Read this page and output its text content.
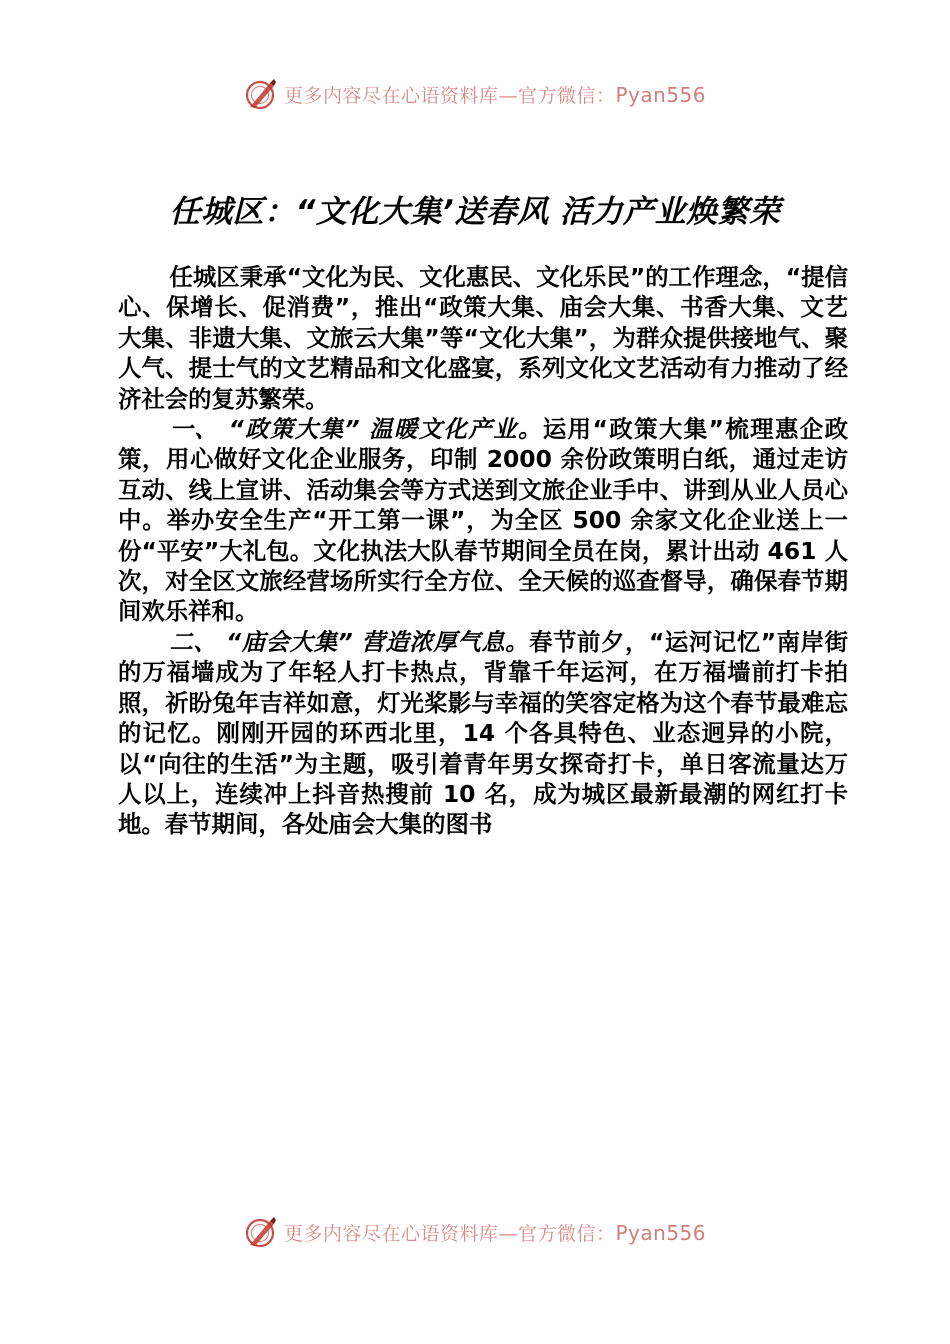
更多内容尽在心语资料库—官方微信：Pyan556
任城区：“文化大集’送春风 活力产业焕繁荣

任城区秉承“文化为民、文化惠民、文化乐民”的工作理念，“提信心、保增长、促消费”，推出“政策大集、庙会大集、书香大集、文艺大集、非遗大集、文旅云大集”等“文化大集”，为群众提供接地气、聚人气、提士气的文艺精品和文化盛宴，系列文化文艺活动有力推动了经济社会的复苏繁荣。

一、 “政策大集” 温暖文化产业。运用“政策大集”梳理惠企政策，用心做好文化企业服务，印制 2000 余份政策明白纸，通过走访互动、线上宣讲、活动集会等方式送到文旅企业手中、讲到从业人员心中。举办安全生产“开工第一课”，为全区 500 余家文化企业送上一份“平安”大礼包。文化执法大队春节期间全员在岗，累计出动 461 人次，对全区文旅经营场所实行全方位、全天候的巡查督导，确保春节期间欢乐祥和。

二、 “庙会大集” 营造浓厚气息。春节前夕，“运河记忆”南岸街的万福墙成为了年轻人打卡热点，背靠千年运河，在万福墙前打卡拍照，祈盼兔年吉祥如意，灯光桨影与幸福的笑容定格为这个春节最难忘的记忆。刚刚开园的环西北里，14 个各具特色、业态迥异的小院，以“向往的生活”为主题，吸引着青年男女探奇打卡，单日客流量达万人以上，连续冲上抖音热搜前 10 名，成为城区最新最潮的网红打卡地。春节期间，各处庙会大集的图书

更多内容尽在心语资料库—官方微信：Pyan556
